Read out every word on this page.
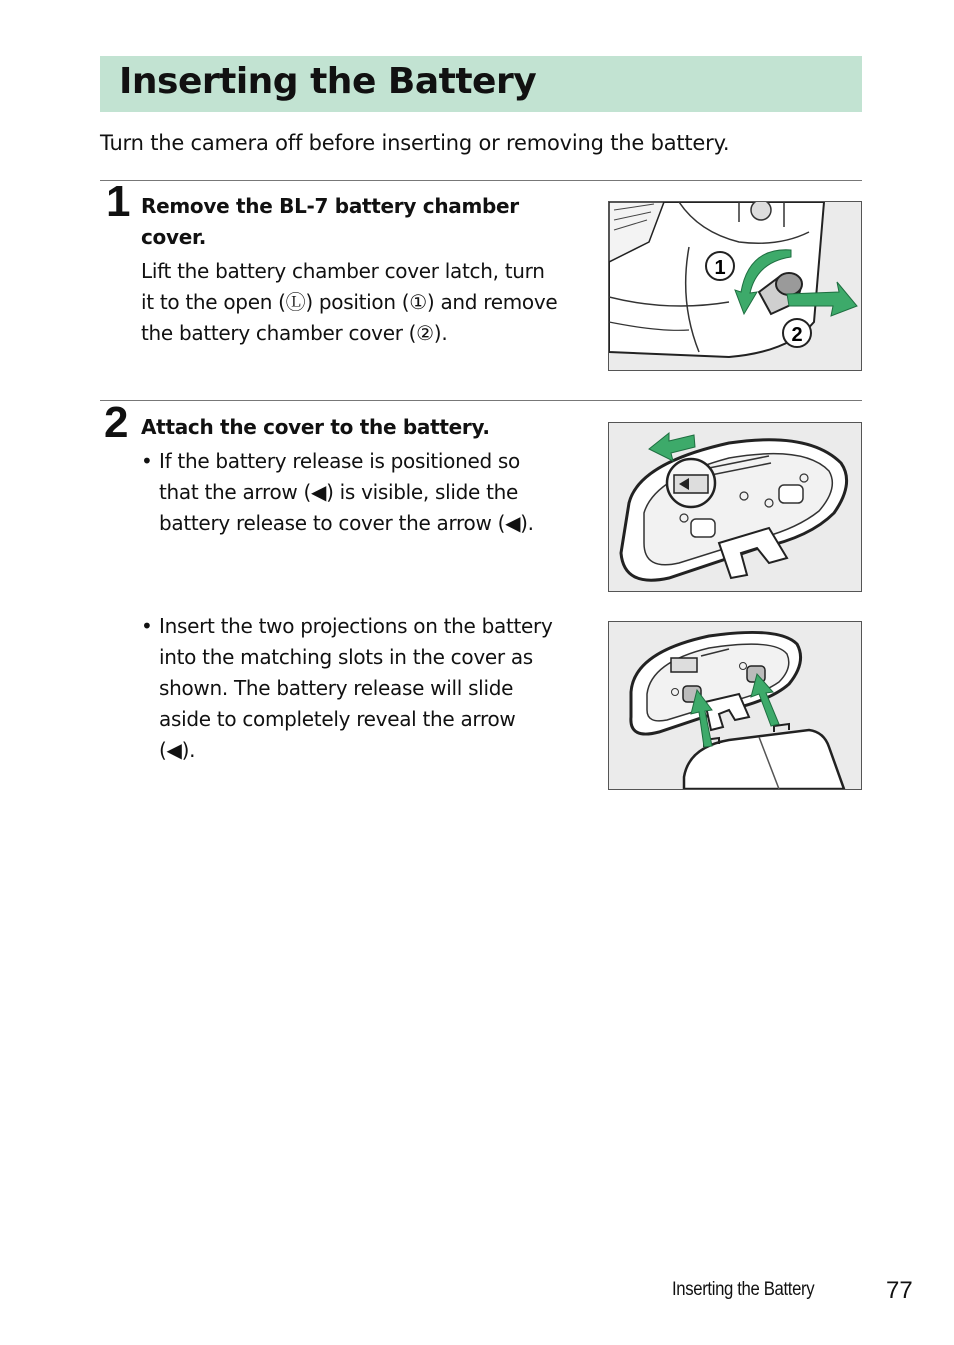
Inserting the Battery
Turn the camera off before inserting or removing the battery.
1 Remove the BL-7 battery chamber
cover.
Lift the battery chamber cover latch, turn
it to the open (Ⓛ) position (①) and remove
the battery chamber cover (②).
1
2
2 Attach the cover to the battery.
• If the battery release is positioned so
that the arrow (◀) is visible, slide the
battery release to cover the arrow (◀).
• Insert the two projections on the battery
into the matching slots in the cover as
shown. The battery release will slide
aside to completely reveal the arrow
(◀).
Inserting the Battery	77
